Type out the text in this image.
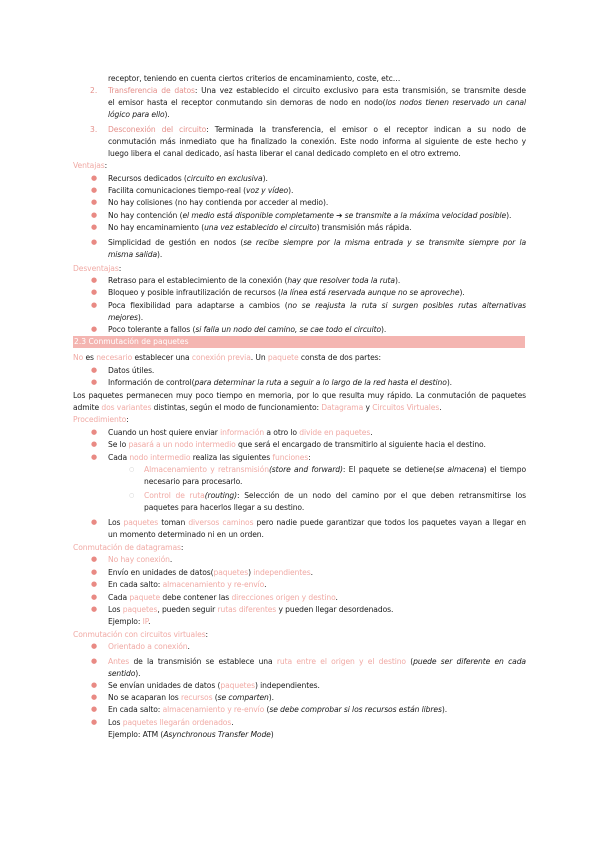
receptor, teniendo en cuenta ciertos criterios de encaminamiento, coste, etc…
2. Transferencia de datos: Una vez establecido el circuito exclusivo para esta transmisión, se transmite desde
el emisor hasta el receptor conmutando sin demoras de nodo en nodo(los nodos tienen reservado un canal
lógico para ello).
3. Desconexión del circuito: Terminada la transferencia, el emisor o el receptor indican a su nodo de
conmutación más inmediato que ha finalizado la conexión. Este nodo informa al siguiente de este hecho y
luego libera el canal dedicado, así hasta liberar el canal dedicado completo en el otro extremo.
Ventajas:
● Recursos dedicados (circuito en exclusiva).
● Facilita comunicaciones tiempo-real (voz y vídeo).
● No hay colisiones (no hay contienda por acceder al medio).
● No hay contención (el medio está disponible completamente ➔ se transmite a la máxima velocidad posible).
● No hay encaminamiento (una vez establecido el circuito) transmisión más rápida.
● Simplicidad de gestión en nodos (se recibe siempre por la misma entrada y se transmite siempre por la
misma salida).
Desventajas:
● Retraso para el establecimiento de la conexión (hay que resolver toda la ruta).
● Bloqueo y posible infrautilización de recursos (la línea está reservada aunque no se aproveche).
● Poca flexibilidad para adaptarse a cambios (no se reajusta la ruta si surgen posibles rutas alternativas
mejores).
● Poco tolerante a fallos (si falla un nodo del camino, se cae todo el circuito).
2.3 Conmutación de paquetes
No es necesario establecer una conexión previa. Un paquete consta de dos partes:
● Datos útiles.
● Información de control(para determinar la ruta a seguir a lo largo de la red hasta el destino).
Los paquetes permanecen muy poco tiempo en memoria, por lo que resulta muy rápido. La conmutación de paquetes
admite dos variantes distintas, según el modo de funcionamiento: Datagrama y Circuitos Virtuales.
Procedimiento:
● Cuando un host quiere enviar información a otro lo divide en paquetes.
● Se lo pasará a un nodo intermedio que será el encargado de transmitirlo al siguiente hacia el destino.
● Cada nodo intermedio realiza las siguientes funciones:
○ Almacenamiento y retransmisión(store and forward): El paquete se detiene(se almacena) el tiempo
necesario para procesarlo.
○ Control de ruta(routing): Selección de un nodo del camino por el que deben retransmitirse los
paquetes para hacerlos llegar a su destino.
● Los paquetes toman diversos caminos pero nadie puede garantizar que todos los paquetes vayan a llegar en
un momento determinado ni en un orden.
Conmutación de datagramas:
● No hay conexión.
● Envío en unidades de datos(paquetes) independientes.
● En cada salto: almacenamiento y re-envío.
● Cada paquete debe contener las direcciones origen y destino.
● Los paquetes, pueden seguir rutas diferentes y pueden llegar desordenados.
Ejemplo: IP.
Conmutación con circuitos virtuales:
● Orientado a conexión.
● Antes de la transmisión se establece una ruta entre el origen y el destino (puede ser diferente en cada
sentido).
● Se envían unidades de datos (paquetes) independientes.
● No se acaparan los recursos (se comparten).
● En cada salto: almacenamiento y re-envío (se debe comprobar si los recursos están libres).
● Los paquetes llegarán ordenados.
Ejemplo: ATM (Asynchronous Transfer Mode)
